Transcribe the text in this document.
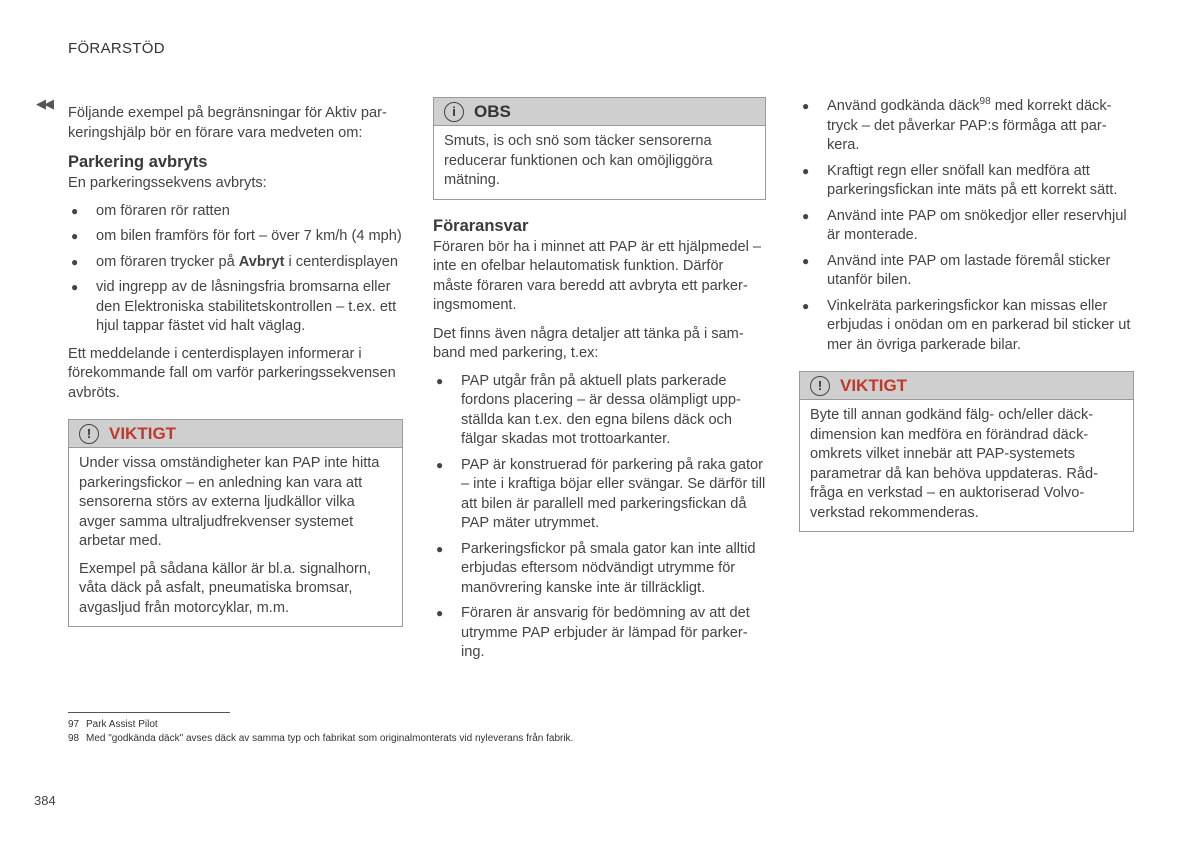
FÖRARSTÖD
◀◀

Följande exempel på begränsningar för Aktiv parkeringshjälp bör en förare vara medveten om:

Parkering avbryts

En parkeringssekvens avbryts:

● om föraren rör ratten
● om bilen framförs för fort – över 7 km/h (4 mph)
● om föraren trycker på Avbryt i centerdisplayen
● vid ingrepp av de låsningsfria bromsarna eller den Elektroniska stabilitetskontrollen – t.ex. ett hjul tappar fästet vid halt väglag.

Ett meddelande i centerdisplayen informerar i förekommande fall om varför parkeringssekvensen avbröts.

!	VIKTIGT

Under vissa omständigheter kan PAP inte hitta parkeringsfickor – en anledning kan vara att sensorerna störs av externa ljudkällor vilka avger samma ultraljudfrekvenser systemet arbetar med.

Exempel på sådana källor är bl.a. signalhorn, våta däck på asfalt, pneumatiska bromsar, avgasljud från motorcyklar, m.m.

i	OBS

Smuts, is och snö som täcker sensorerna reducerar funktionen och kan omöjliggöra mätning.

Föraransvar

Föraren bör ha i minnet att PAP är ett hjälpmedel – inte en ofelbar helautomatisk funktion. Därför måste föraren vara beredd att avbryta ett parkeringsmoment.

Det finns även några detaljer att tänka på i samband med parkering, t.ex:

● PAP utgår från på aktuell plats parkerade fordons placering – är dessa olämpligt uppställda kan t.ex. den egna bilens däck och fälgar skadas mot trottoarkanter.
● PAP är konstruerad för parkering på raka gator – inte i kraftiga böjar eller svängar. Se därför till att bilen är parallell med parkeringsfickan då PAP mäter utrymmet.
● Parkeringsfickor på smala gator kan inte alltid erbjudas eftersom nödvändigt utrymme för manövrering kanske inte är tillräckligt.
● Föraren är ansvarig för bedömning av att det utrymme PAP erbjuder är lämpad för parkering.
● Använd godkända däck$^{98}$ med korrekt däcktryck – det påverkar PAP:s förmåga att parkera.
● Kraftigt regn eller snöfall kan medföra att parkeringsfickan inte mäts på ett korrekt sätt.
● Använd inte PAP om snökedjor eller reservhjul är monterade.
● Använd inte PAP om lastade föremål sticker utanför bilen.
● Vinkelräta parkeringsfickor kan missas eller erbjudas i onödan om en parkerad bil sticker ut mer än övriga parkerade bilar.
!	VIKTIGT

Byte till annan godkänd fälg- och/eller däckdimension kan medföra en förändrad däckomkrets vilket innebär att PAP-systemets parametrar då kan behöva uppdateras. Rådfråga en verkstad – en auktoriserad Volvoverkstad rekommenderas.

97 Park Assist Pilot
98 Med "godkända däck" avses däck av samma typ och fabrikat som originalmonterats vid nyleverans från fabrik.
384
